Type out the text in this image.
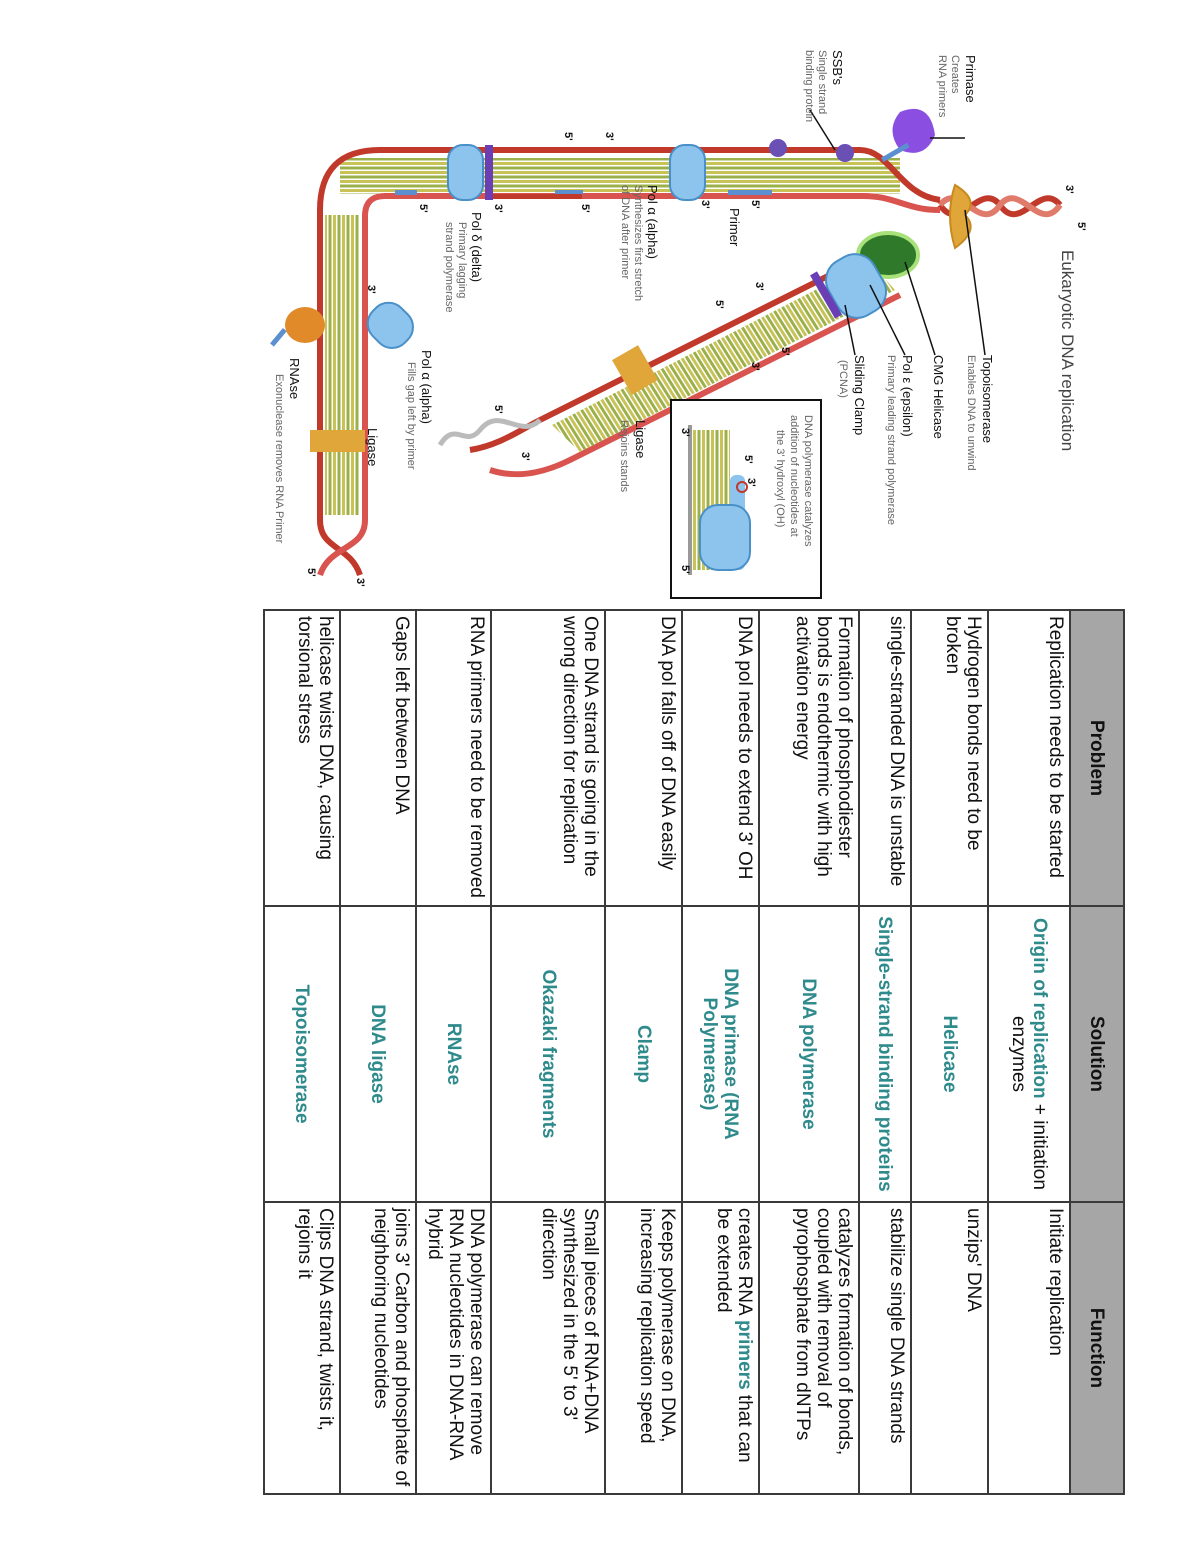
Eukaryotic DNA replication
Topoisomerase
Enables DNA to unwind
CMG Helicase
Pol ε (epsilon)
Primary leading strand polymerase
Sliding Clamp
(PCNA)
Ligase
Rejoins stands	DNA polymerase catalyzes
addition of nucleotides at
the 3' hydroxyl (OH)
Primase
Creates
RNA primers
SSB's
Single strand
binding protein
Primer
Pol α (alpha)
Synthesizes first stretch
of DNA after primer
Pol δ (delta)
Primary lagging
strand polymerase
Pol α (alpha)
Fills gap left by primer
Ligase
RNAse
Exonuclease removes RNA Primer
3'
5'
3'
5'
5'
3'
5'
3'
5'
3'
5'
5'
3'
5'
3'
3'
3'
5'
3'
5'
3'
5'
Problem	Solution	Function
Replication needs to be started	Origin of replication + initiation enzymes	Initiate replication
Hydrogen bonds need to be broken	Helicase	unzips' DNA
single-stranded DNA is unstable	Single-strand binding proteins	stabilize single DNA strands
Formation of phosphodiester bonds is endothermic with high activation energy	DNA polymerase	catalyzes formation of bonds, coupled with removal of pyrophosphate from dNTPs
DNA pol needs to extend 3' OH	DNA primase (RNA Polymerase)	creates RNA primers that can be extended
DNA pol falls off of DNA easily	Clamp	Keeps polymerase on DNA, increasing replication speed
One DNA strand is going in the wrong direction for replication	Okazaki fragments	Small pieces of RNA+DNA synthesized in the 5' to 3' direction
RNA primers need to be removed	RNAse	DNA polymerase can remove RNA nucleotides in DNA-RNA hybrid
Gaps left between DNA	DNA ligase	joins 3' Carbon and phosphate of neighboring nucleotides
helicase twists DNA, causing torsional stress	Topoisomerase	Clips DNA strand, twists it, rejoins it
